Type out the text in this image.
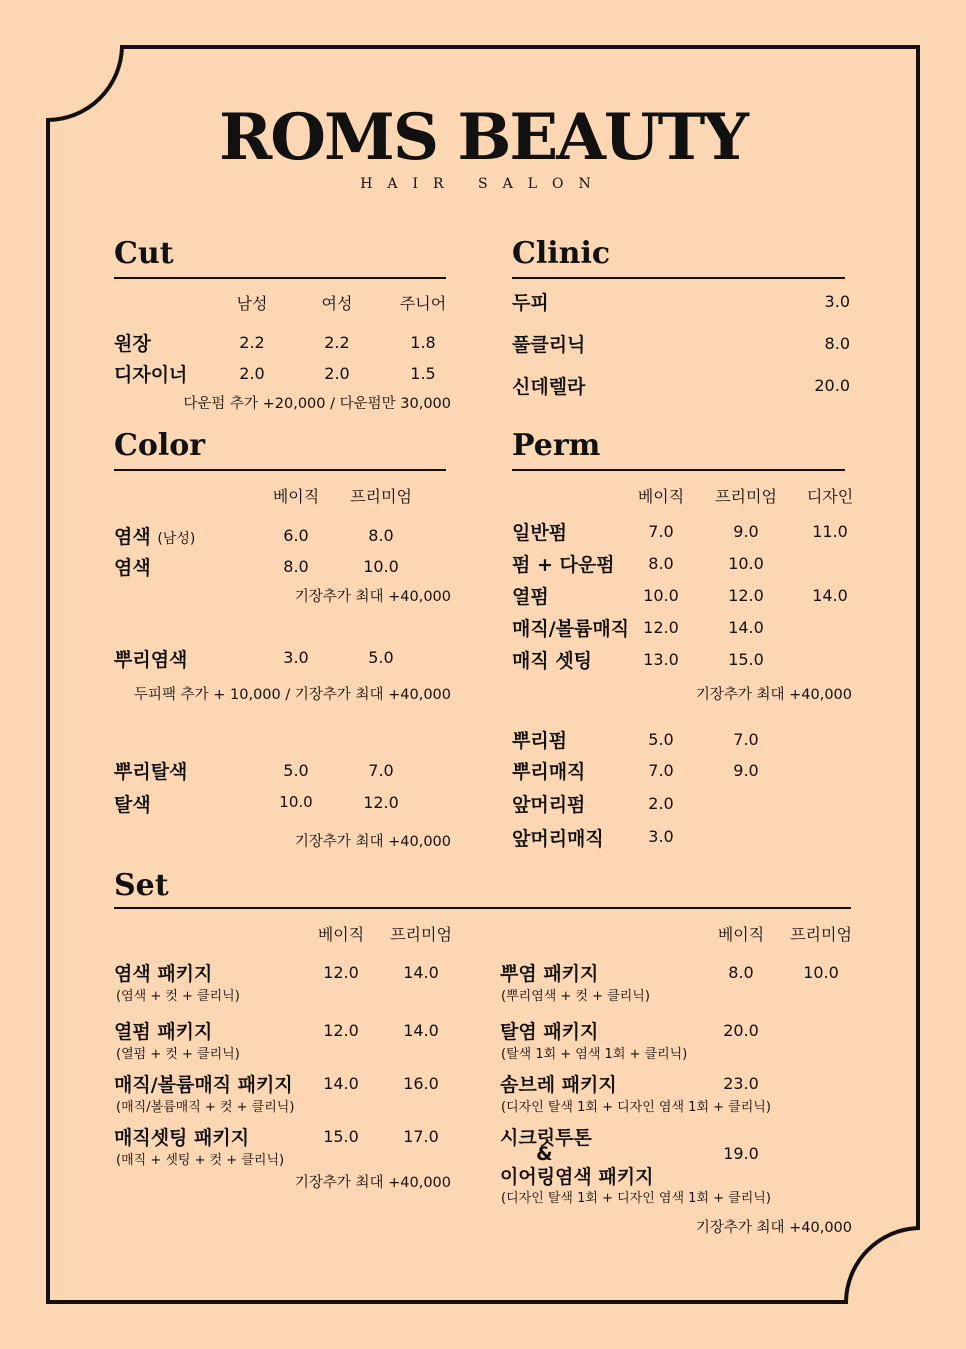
ROMS BEAUTY
HAIR SALON
Cut
남성	여성	주니어
원장	2.2	2.2	1.8
디자이너	2.0	2.0	1.5
다운펌 추가 +20,000 / 다운펌만 30,000
Clinic
두피	3.0
풀클리닉	8.0
신데렐라	20.0
Color
베이직	프리미엄
염색 (남성)	6.0	8.0
염색	8.0	10.0
기장추가 최대 +40,000
뿌리염색	3.0	5.0
두피팩 추가 + 10,000 / 기장추가 최대 +40,000
뿌리탈색	5.0	7.0
탈색	10.0	12.0
기장추가 최대 +40,000
Perm
베이직	프리미엄	디자인
일반펌	7.0	9.0	11.0
펌 + 다운펌	8.0	10.0
열펌	10.0	12.0	14.0
매직/볼륨매직 12.0	14.0
매직 셋팅	13.0	15.0
기장추가 최대 +40,000
뿌리펌	5.0	7.0
뿌리매직	7.0	9.0
앞머리펌	2.0
앞머리매직	3.0
Set
베이직	프리미엄	베이직	프리미엄
염색 패키지
(염색 + 컷 + 클리닉)
12.0	14.0
열펌 패키지
(열펌 + 컷 + 클리닉)
12.0	14.0
매직/볼륨매직 패키지
(매직/볼륨매직 + 컷 + 클리닉)
14.0	16.0
매직셋팅 패키지
(매직 + 셋팅 + 컷 + 클리닉)
15.0	17.0
기장추가 최대 +40,000
뿌염 패키지
(뿌리염색 + 컷 + 클리닉)
8.0	10.0
탈염 패키지
(탈색 1회 + 염색 1회 + 클리닉)
20.0
솜브레 패키지
(디자인 탈색 1회 + 디자인 염색 1회 + 클리닉)
23.0
시크릿투톤
&
이어링염색 패키지
(디자인 탈색 1회 + 디자인 염색 1회 + 클리닉)
19.0
기장추가 최대 +40,000
